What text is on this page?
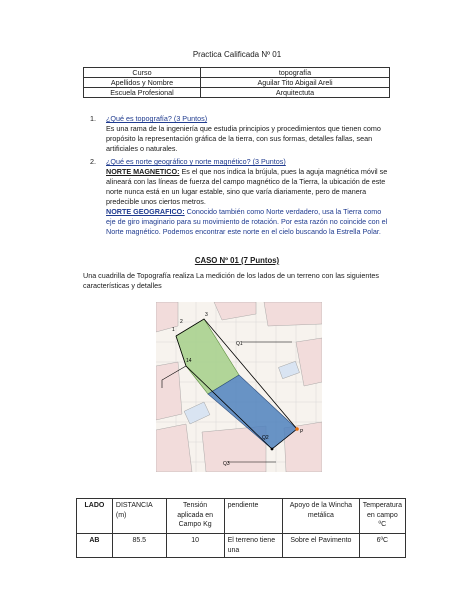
Practica Calificada Nº 01
Curso	topografía
Apellidos y Nombre	Aguilar Tito Abigail Areli
Escuela Profesional	Arquitectuta
1. ¿Qué es topografía? (3 Puntos)
Es una rama de la ingeniería que estudia principios y procedimientos que tienen como propósito la representación gráfica de la tierra, con sus formas, detalles fallas, sean artificiales o naturales.
2. ¿Qué es norte geográfico y norte magnético? (3 Puntos)
NORTE MAGNETICO: Es el que nos indica la brújula, pues la aguja magnética móvil se alineará con las líneas de fuerza del campo magnético de la Tierra, la ubicación de este norte nunca está en un lugar estable, sino que varía diariamente, pero de manera predecible unos ciertos metros.
NORTE GEOGRAFICO: Conocido también como Norte verdadero, usa la Tierra como eje de giro imaginario para su movimiento de rotación. Por esta razón no coincide con el Norte magnético. Podemos encontrar este norte en el cielo buscando la Estrella Polar.
CASO Nº 01 (7 Puntos)
Una cuadrilla de Topografía realiza La medición de los lados de un terreno con las siguientes características y detalles
1
2
3
14
Q1
Q2
Q3
P
LADO	DISTANCIA (m)	Tensión aplicada en Campo Kg	pendiente	Apoyo de la Wincha metálica	Temperatura en campo ºC
AB	85.5	10	El terreno tiene una	Sobre el Pavimento	6ºC
